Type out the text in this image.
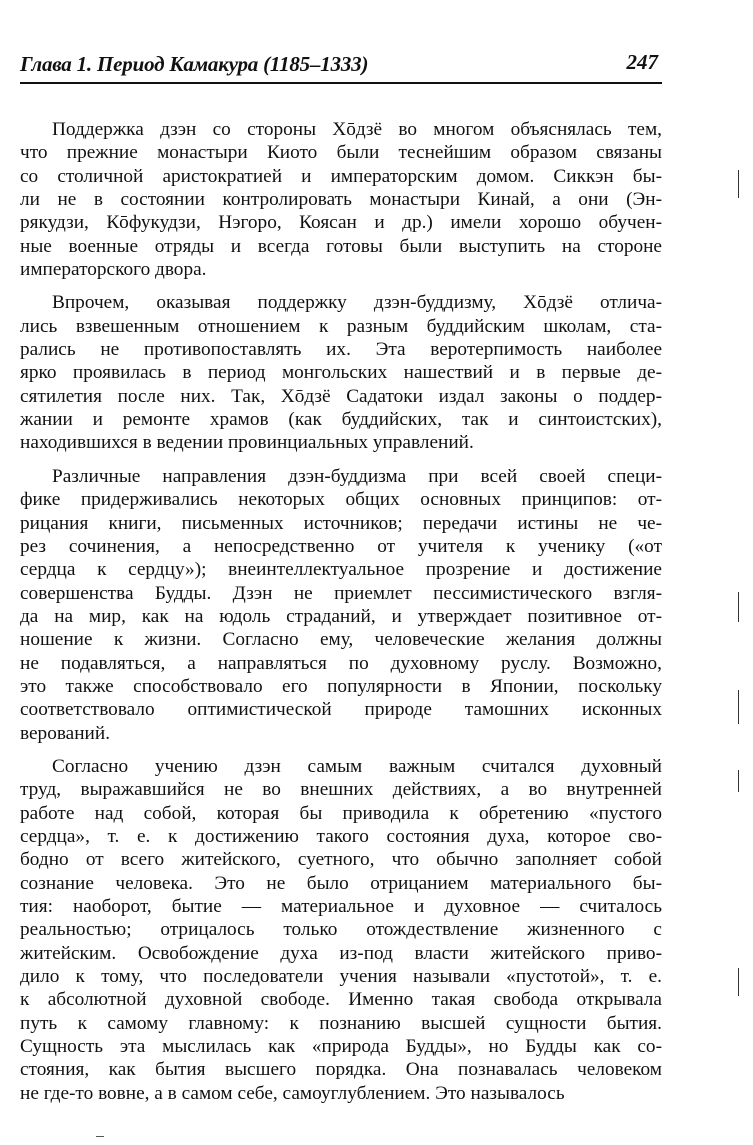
Глава 1. Период Камакура (1185–1333)	247
Поддержка дзэн со стороны Хōдзё во многом объяснялась тем,
что прежние монастыри Киото были теснейшим образом связаны
со столичной аристократией и императорским домом. Сиккэн бы-
ли не в состоянии контролировать монастыри Кинай, а они (Эн-
рякудзи, Кōфукудзи, Нэгоро, Коясан и др.) имели хорошо обучен-
ные военные отряды и всегда готовы были выступить на стороне
императорского двора.
Впрочем, оказывая поддержку дзэн-буддизму, Хōдзё отлича-
лись взвешенным отношением к разным буддийским школам, ста-
рались не противопоставлять их. Эта веротерпимость наиболее
ярко проявилась в период монгольских нашествий и в первые де-
сятилетия после них. Так, Хōдзё Садатоки издал законы о поддер-
жании и ремонте храмов (как буддийских, так и синтоистских),
находившихся в ведении провинциальных управлений.
Различные направления дзэн-буддизма при всей своей специ-
фике придерживались некоторых общих основных принципов: от-
рицания книги, письменных источников; передачи истины не че-
рез сочинения, а непосредственно от учителя к ученику («от
сердца к сердцу»); внеинтеллектуальное прозрение и достижение
совершенства Будды. Дзэн не приемлет пессимистического взгля-
да на мир, как на юдоль страданий, и утверждает позитивное от-
ношение к жизни. Согласно ему, человеческие желания должны
не подавляться, а направляться по духовному руслу. Возможно,
это также способствовало его популярности в Японии, поскольку
соответствовало оптимистической природе тамошних исконных
верований.
Согласно учению дзэн самым важным считался духовный
труд, выражавшийся не во внешних действиях, а во внутренней
работе над собой, которая бы приводила к обретению «пустого
сердца», т. е. к достижению такого состояния духа, которое сво-
бодно от всего житейского, суетного, что обычно заполняет собой
сознание человека. Это не было отрицанием материального бы-
тия: наоборот, бытие — материальное и духовное — считалось
реальностью; отрицалось только отождествление жизненного с
житейским. Освобождение духа из-под власти житейского приво-
дило к тому, что последователи учения называли «пустотой», т. е.
к абсолютной духовной свободе. Именно такая свобода открывала
путь к самому главному: к познанию высшей сущности бытия.
Сущность эта мыслилась как «природа Будды», но Будды как со-
стояния, как бытия высшего порядка. Она познавалась человеком
не где-то вовне, а в самом себе, самоуглублением. Это называлось
